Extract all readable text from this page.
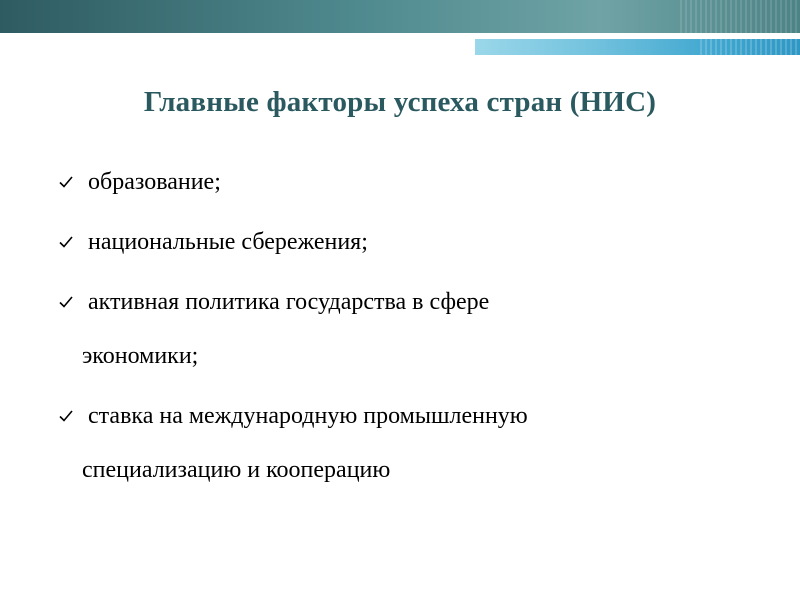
Главные факторы успеха стран (НИС)
образование;
национальные сбережения;
активная политика государства в сфере
экономики;
ставка на международную промышленную
специализацию и кооперацию
